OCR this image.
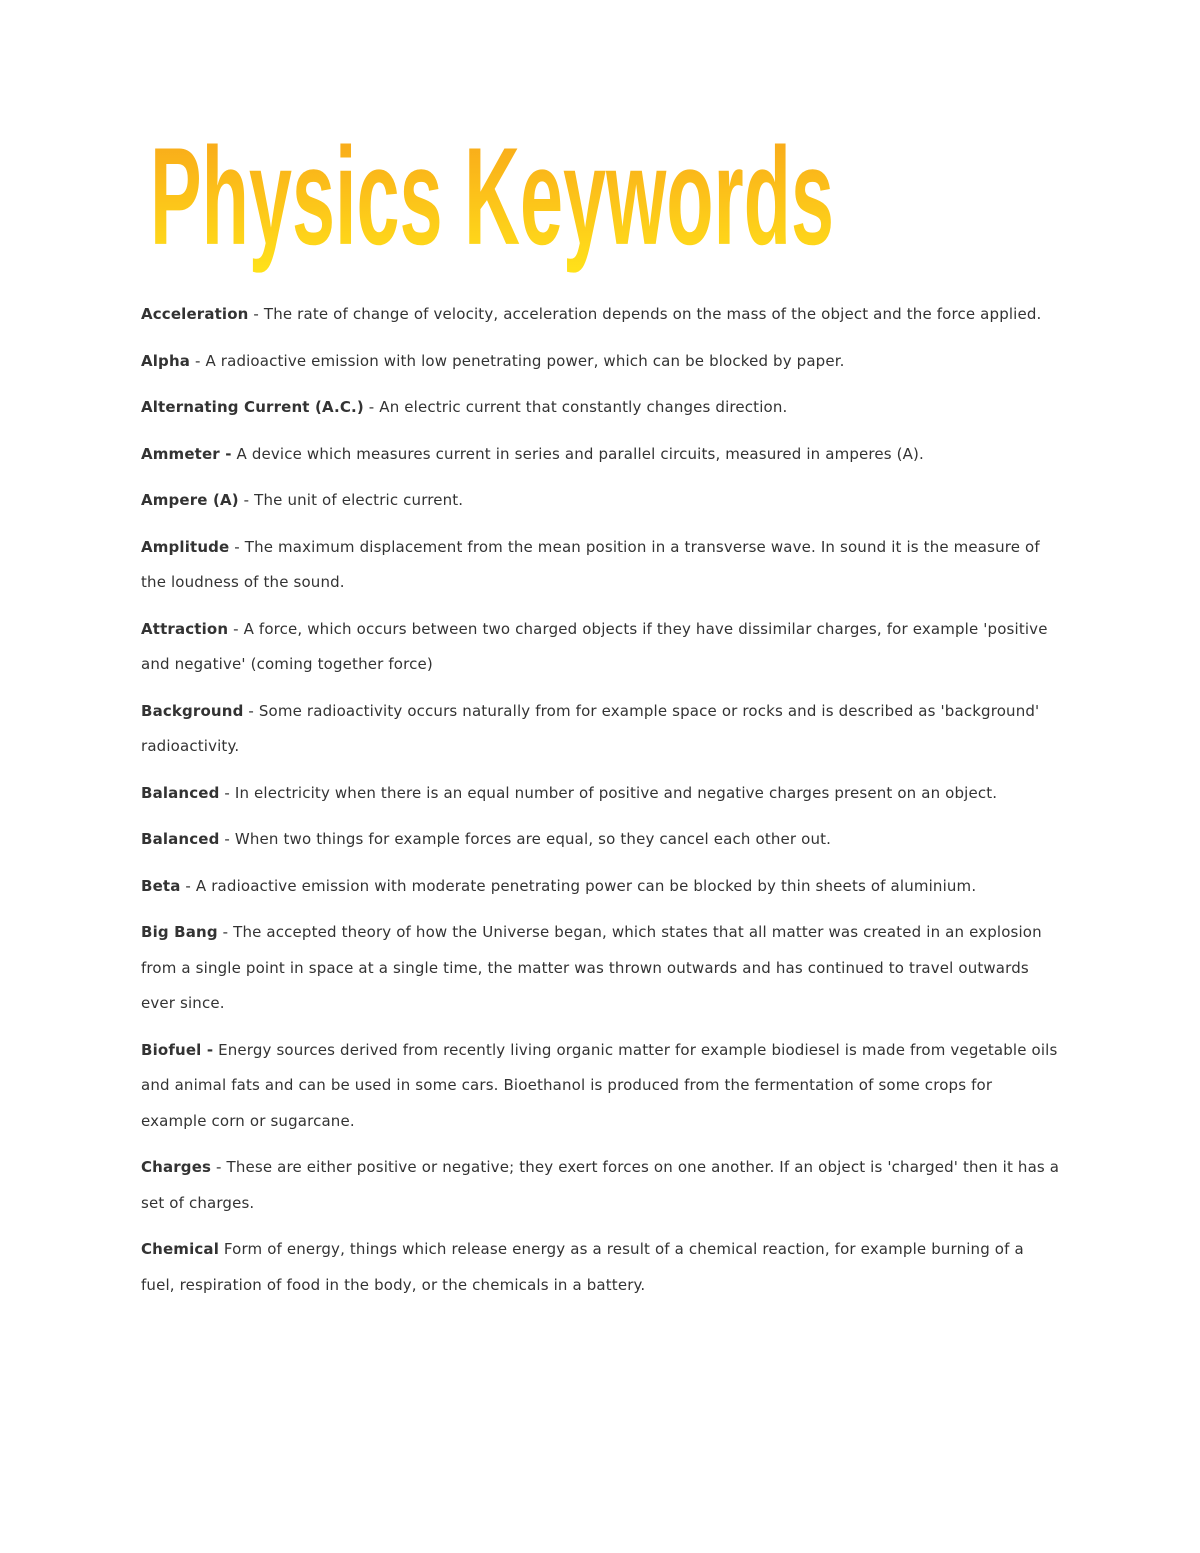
Physics Keywords

Acceleration - The rate of change of velocity, acceleration depends on the mass of the object and the force applied.

Alpha - A radioactive emission with low penetrating power, which can be blocked by paper.

Alternating Current (A.C.) - An electric current that constantly changes direction.

Ammeter - A device which measures current in series and parallel circuits, measured in amperes (A).

Ampere (A) - The unit of electric current.

Amplitude - The maximum displacement from the mean position in a transverse wave. In sound it is the measure of the loudness of the sound.

Attraction - A force, which occurs between two charged objects if they have dissimilar charges, for example 'positive and negative' (coming together force)

Background - Some radioactivity occurs naturally from for example space or rocks and is described as 'background' radioactivity.

Balanced - In electricity when there is an equal number of positive and negative charges present on an object.

Balanced - When two things for example forces are equal, so they cancel each other out.

Beta - A radioactive emission with moderate penetrating power can be blocked by thin sheets of aluminium.

Big Bang - The accepted theory of how the Universe began, which states that all matter was created in an explosion from a single point in space at a single time, the matter was thrown outwards and has continued to travel outwards ever since.

Biofuel - Energy sources derived from recently living organic matter for example biodiesel is made from vegetable oils and animal fats and can be used in some cars. Bioethanol is produced from the fermentation of some crops for example corn or sugarcane.

Charges - These are either positive or negative; they exert forces on one another. If an object is 'charged' then it has a set of charges.

Chemical Form of energy, things which release energy as a result of a chemical reaction, for example burning of a fuel, respiration of food in the body, or the chemicals in a battery.
